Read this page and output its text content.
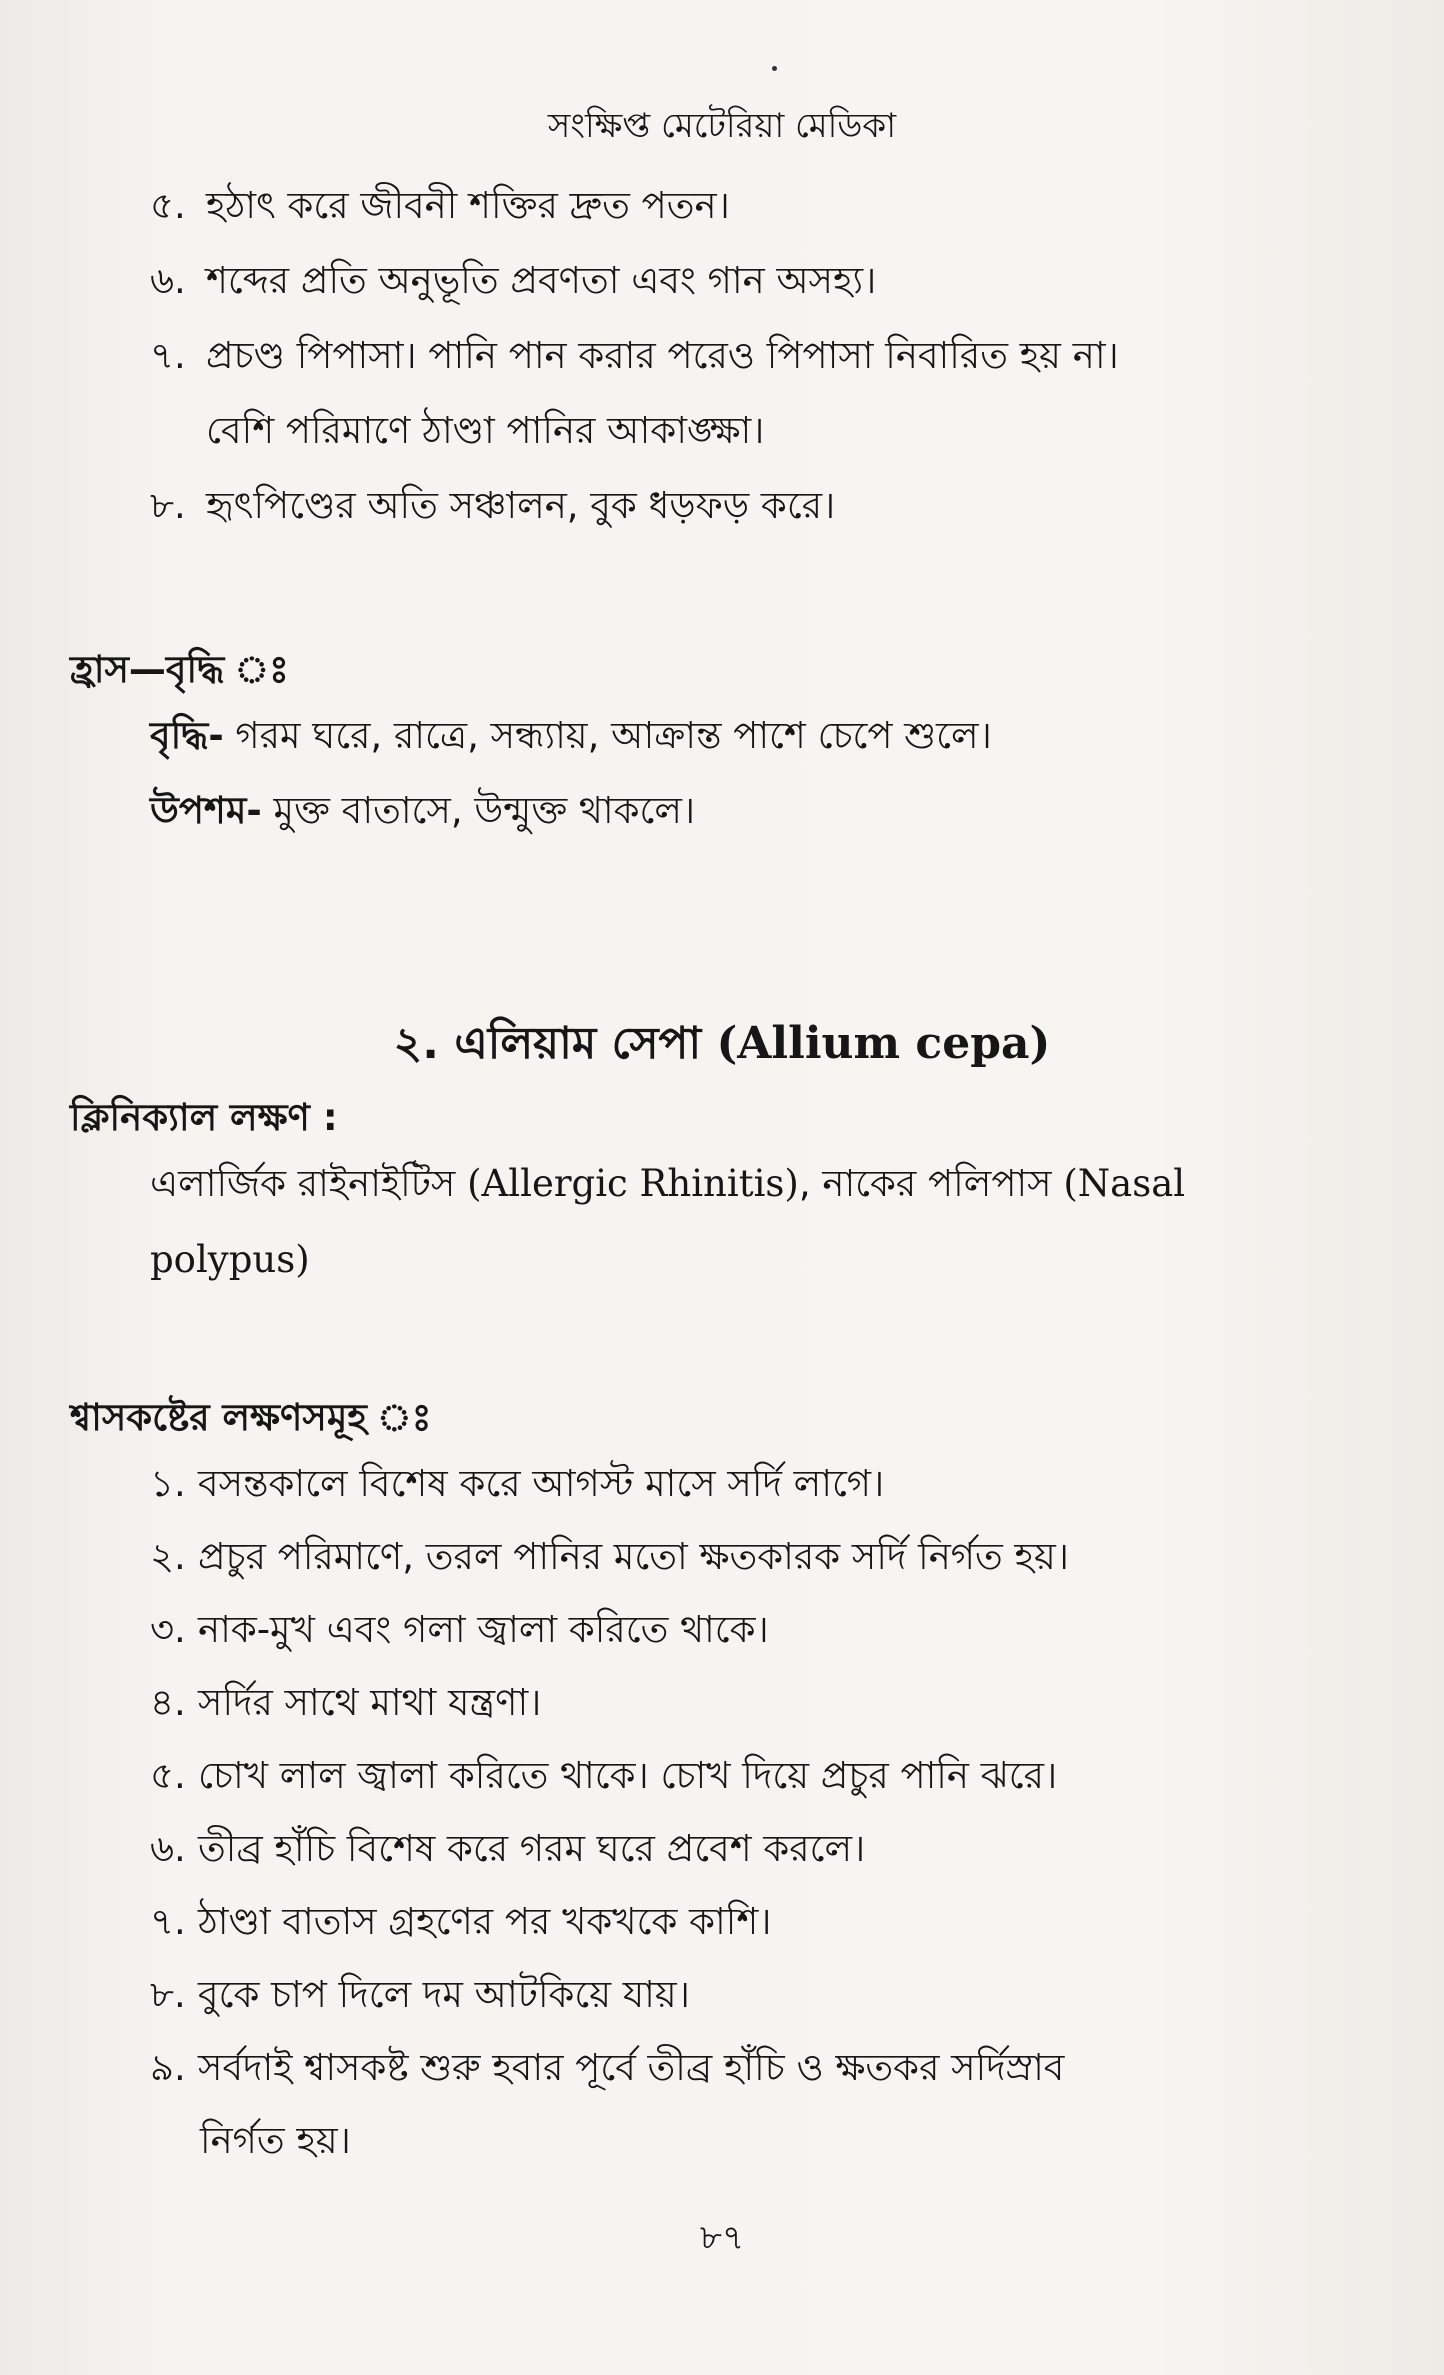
সংক্ষিপ্ত মেটেরিয়া মেডিকা
৫. হঠাৎ করে জীবনী শক্তির দ্রুত পতন।
৬. শব্দের প্রতি অনুভূতি প্রবণতা এবং গান অসহ্য।
৭. প্রচণ্ড পিপাসা। পানি পান করার পরেও পিপাসা নিবারিত হয় না।
বেশি পরিমাণে ঠাণ্ডা পানির আকাঙ্ক্ষা।
৮. হৃৎপিণ্ডের অতি সঞ্চালন, বুক ধড়ফড় করে।
হ্রাস—বৃদ্ধি ঃ
বৃদ্ধি- গরম ঘরে, রাত্রে, সন্ধ্যায়, আক্রান্ত পাশে চেপে শুলে।
উপশম- মুক্ত বাতাসে, উন্মুক্ত থাকলে।
২. এলিয়াম সেপা (Allium cepa)
ক্লিনিক্যাল লক্ষণ :
এলার্জিক রাইনাইটিস (Allergic Rhinitis), নাকের পলিপাস (Nasal
polypus)
শ্বাসকষ্টের লক্ষণসমূহ ঃ
১. বসন্তকালে বিশেষ করে আগস্ট মাসে সর্দি লাগে।
২. প্রচুর পরিমাণে, তরল পানির মতো ক্ষতকারক সর্দি নির্গত হয়।
৩. নাক-মুখ এবং গলা জ্বালা করিতে থাকে।
৪. সর্দির সাথে মাথা যন্ত্রণা।
৫. চোখ লাল জ্বালা করিতে থাকে। চোখ দিয়ে প্রচুর পানি ঝরে।
৬. তীব্র হাঁচি বিশেষ করে গরম ঘরে প্রবেশ করলে।
৭. ঠাণ্ডা বাতাস গ্রহণের পর খকখকে কাশি।
৮. বুকে চাপ দিলে দম আটকিয়ে যায়।
৯. সর্বদাই শ্বাসকষ্ট শুরু হবার পূর্বে তীব্র হাঁচি ও ক্ষতকর সর্দিস্রাব
নির্গত হয়।
৮৭
